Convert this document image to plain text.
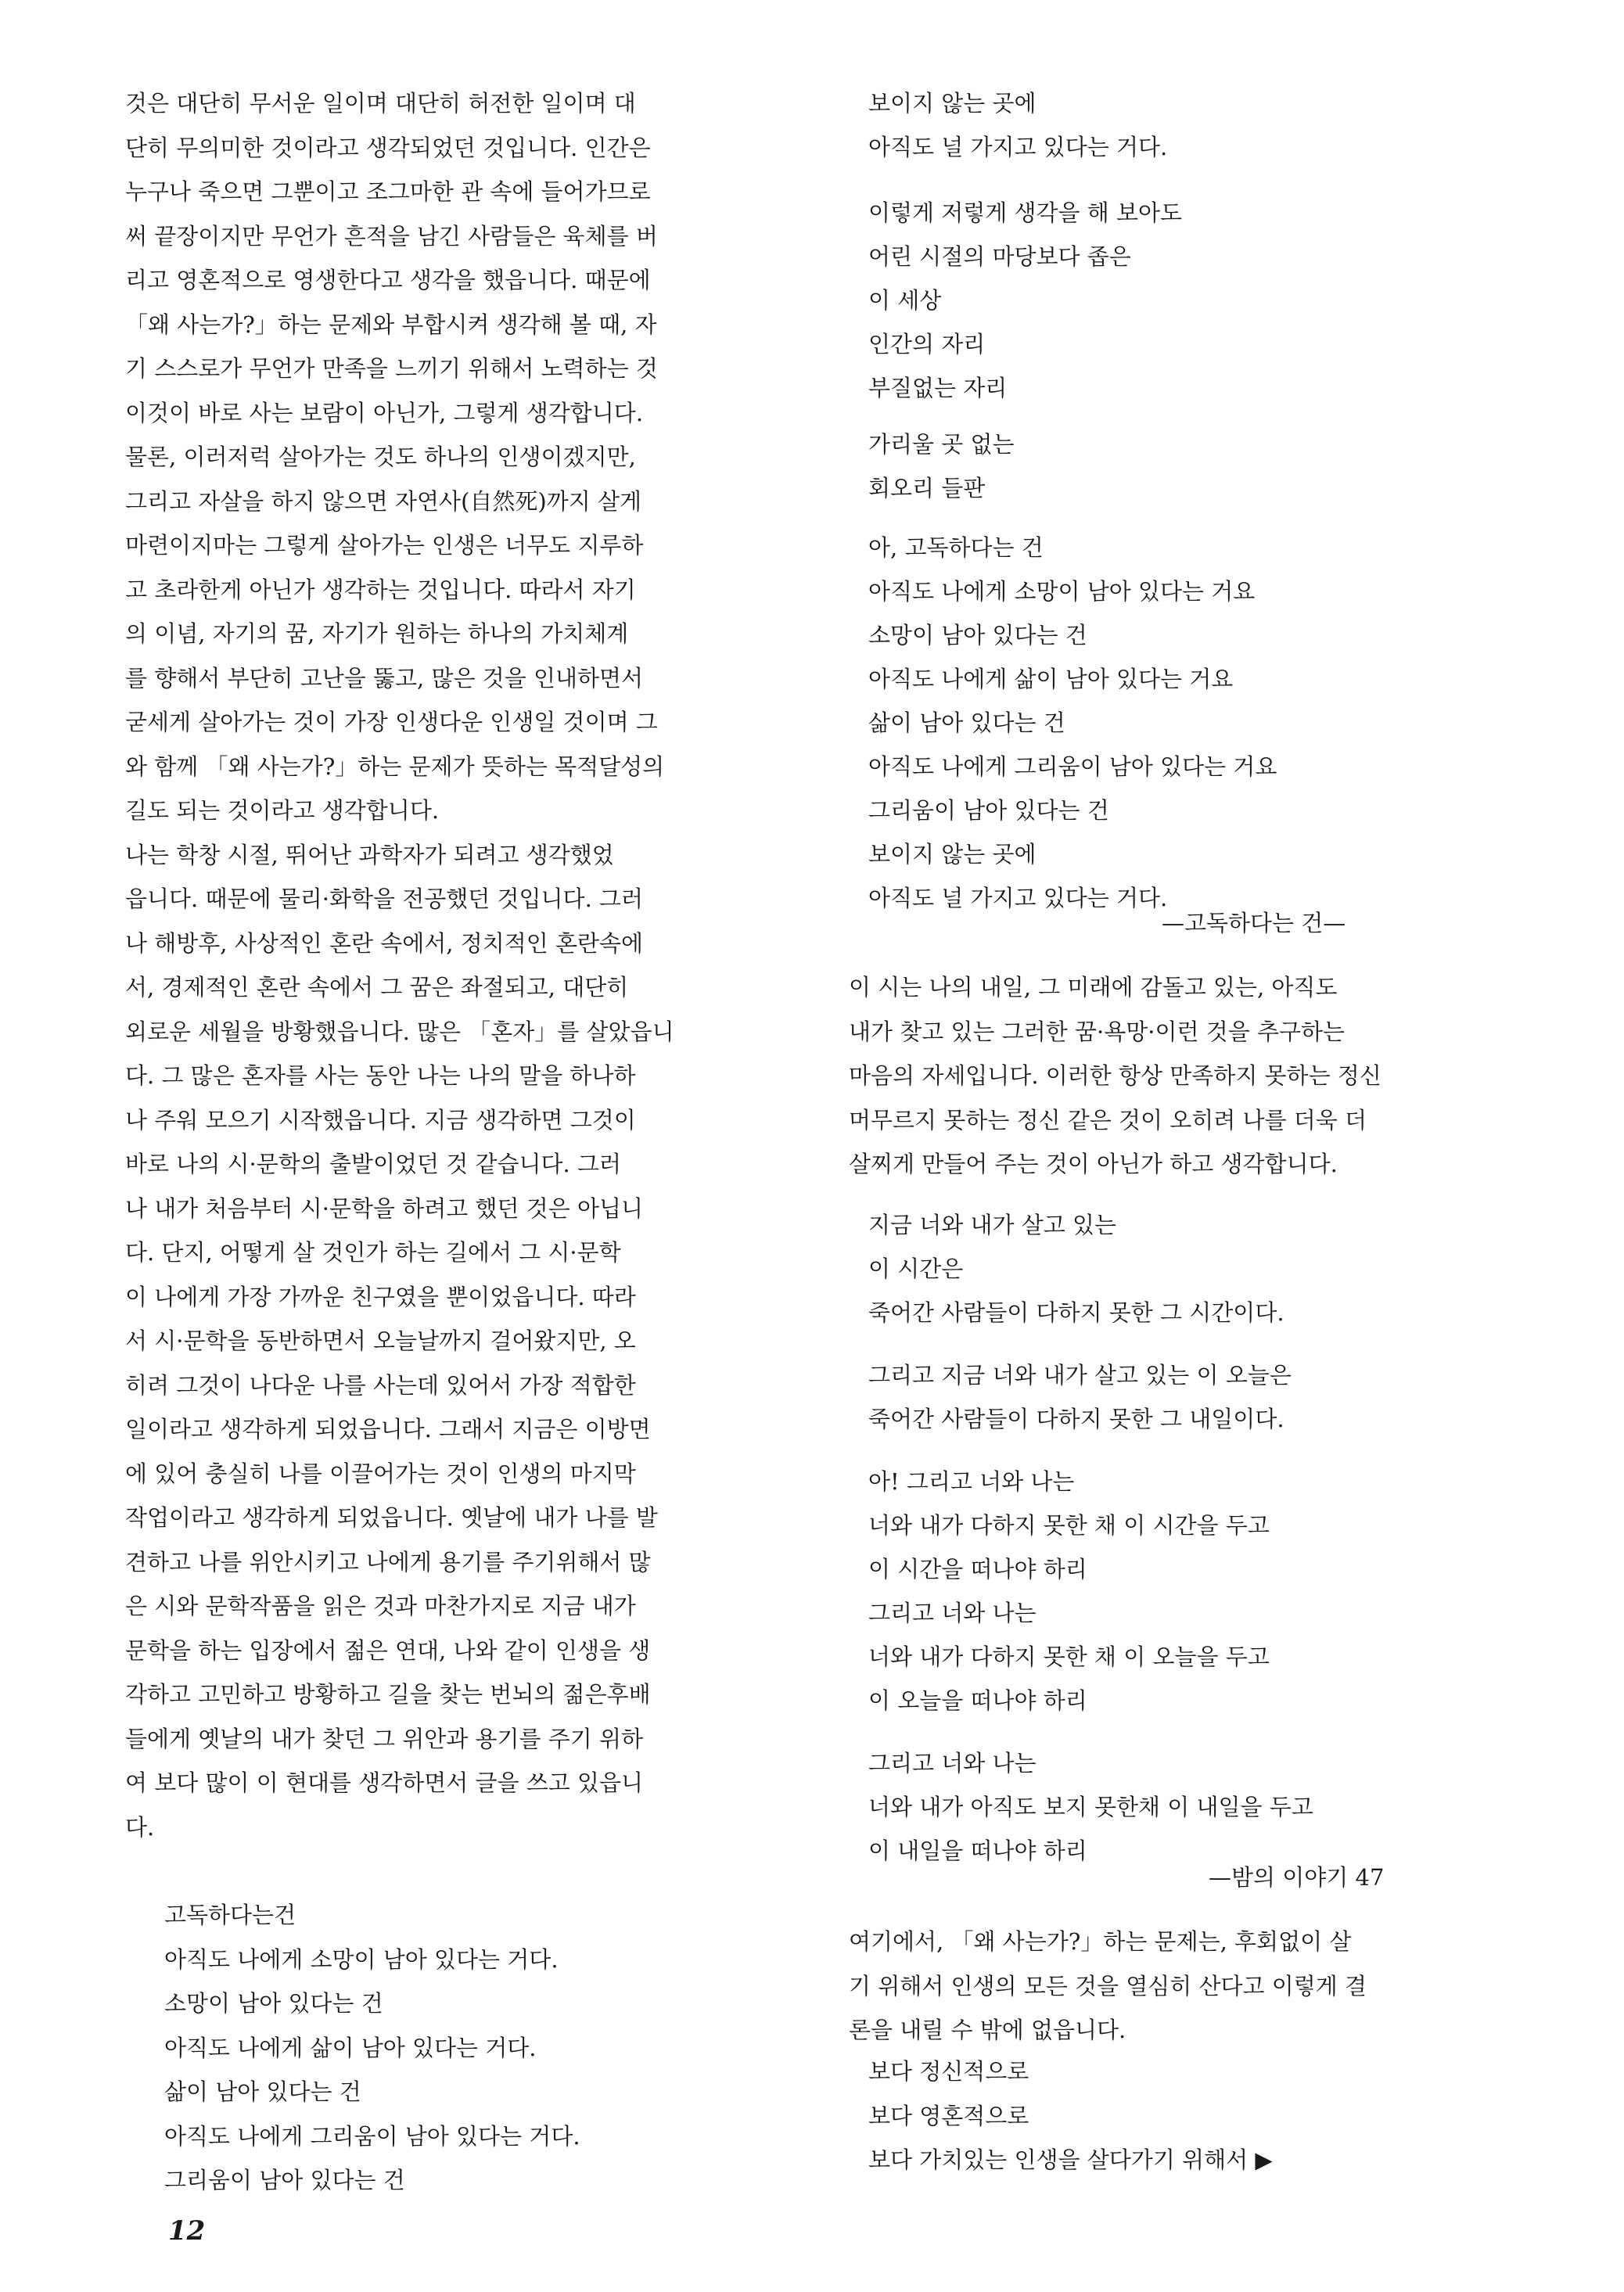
것은 대단히 무서운 일이며 대단히 허전한 일이며 대
단히 무의미한 것이라고 생각되었던 것입니다. 인간은
누구나 죽으면 그뿐이고 조그마한 관 속에 들어가므로
써 끝장이지만 무언가 흔적을 남긴 사람들은 육체를 버
리고 영혼적으로 영생한다고 생각을 했읍니다. 때문에
「왜 사는가?」하는 문제와 부합시켜 생각해 볼 때, 자
기 스스로가 무언가 만족을 느끼기 위해서 노력하는 것
이것이 바로 사는 보람이 아닌가, 그렇게 생각합니다.
물론, 이러저럭 살아가는 것도 하나의 인생이겠지만,
그리고 자살을 하지 않으면 자연사(自然死)까지 살게
마련이지마는 그렇게 살아가는 인생은 너무도 지루하
고 초라한게 아닌가 생각하는 것입니다. 따라서 자기
의 이념, 자기의 꿈, 자기가 원하는 하나의 가치체계
를 향해서 부단히 고난을 뚫고, 많은 것을 인내하면서
굳세게 살아가는 것이 가장 인생다운 인생일 것이며 그
와 함께 「왜 사는가?」하는 문제가 뜻하는 목적달성의
길도 되는 것이라고 생각합니다.
나는 학창 시절, 뛰어난 과학자가 되려고 생각했었
읍니다. 때문에 물리·화학을 전공했던 것입니다. 그러
나 해방후, 사상적인 혼란 속에서, 정치적인 혼란속에
서, 경제적인 혼란 속에서 그 꿈은 좌절되고, 대단히
외로운 세월을 방황했읍니다. 많은 「혼자」를 살았읍니
다. 그 많은 혼자를 사는 동안 나는 나의 말을 하나하
나 주워 모으기 시작했읍니다. 지금 생각하면 그것이
바로 나의 시·문학의 출발이었던 것 같습니다. 그러
나 내가 처음부터 시·문학을 하려고 했던 것은 아닙니
다. 단지, 어떻게 살 것인가 하는 길에서 그 시·문학
이 나에게 가장 가까운 친구였을 뿐이었읍니다. 따라
서 시·문학을 동반하면서 오늘날까지 걸어왔지만, 오
히려 그것이 나다운 나를 사는데 있어서 가장 적합한
일이라고 생각하게 되었읍니다. 그래서 지금은 이방면
에 있어 충실히 나를 이끌어가는 것이 인생의 마지막
작업이라고 생각하게 되었읍니다. 옛날에 내가 나를 발
견하고 나를 위안시키고 나에게 용기를 주기위해서 많
은 시와 문학작품을 읽은 것과 마찬가지로 지금 내가
문학을 하는 입장에서 젊은 연대, 나와 같이 인생을 생
각하고 고민하고 방황하고 길을 찾는 번뇌의 젊은후배
들에게 옛날의 내가 찾던 그 위안과 용기를 주기 위하
여 보다 많이 이 현대를 생각하면서 글을 쓰고 있읍니
다.
고독하다는건
아직도 나에게 소망이 남아 있다는 거다.
소망이 남아 있다는 건
아직도 나에게 삶이 남아 있다는 거다.
삶이 남아 있다는 건
아직도 나에게 그리움이 남아 있다는 거다.
그리움이 남아 있다는 건
보이지 않는 곳에
아직도 널 가지고 있다는 거다.
이렇게 저렇게 생각을 해 보아도
어린 시절의 마당보다 좁은
이 세상
인간의 자리
부질없는 자리
가리울 곳 없는
회오리 들판
아, 고독하다는 건
아직도 나에게 소망이 남아 있다는 거요
소망이 남아 있다는 건
아직도 나에게 삶이 남아 있다는 거요
삶이 남아 있다는 건
아직도 나에게 그리움이 남아 있다는 거요
그리움이 남아 있다는 건
보이지 않는 곳에
아직도 널 가지고 있다는 거다.
—고독하다는 건—
이 시는 나의 내일, 그 미래에 감돌고 있는, 아직도
내가 찾고 있는 그러한 꿈·욕망·이런 것을 추구하는
마음의 자세입니다. 이러한 항상 만족하지 못하는 정신
머무르지 못하는 정신 같은 것이 오히려 나를 더욱 더
살찌게 만들어 주는 것이 아닌가 하고 생각합니다.
지금 너와 내가 살고 있는
이 시간은
죽어간 사람들이 다하지 못한 그 시간이다.
그리고 지금 너와 내가 살고 있는 이 오늘은
죽어간 사람들이 다하지 못한 그 내일이다.
아! 그리고 너와 나는
너와 내가 다하지 못한 채 이 시간을 두고
이 시간을 떠나야 하리
그리고 너와 나는
너와 내가 다하지 못한 채 이 오늘을 두고
이 오늘을 떠나야 하리
그리고 너와 나는
너와 내가 아직도 보지 못한채 이 내일을 두고
이 내일을 떠나야 하리
—밤의 이야기 47
여기에서, 「왜 사는가?」하는 문제는, 후회없이 살
기 위해서 인생의 모든 것을 열심히 산다고 이렇게 결
론을 내릴 수 밖에 없읍니다.
보다 정신적으로
보다 영혼적으로
보다 가치있는 인생을 살다가기 위해서 ▶
12
